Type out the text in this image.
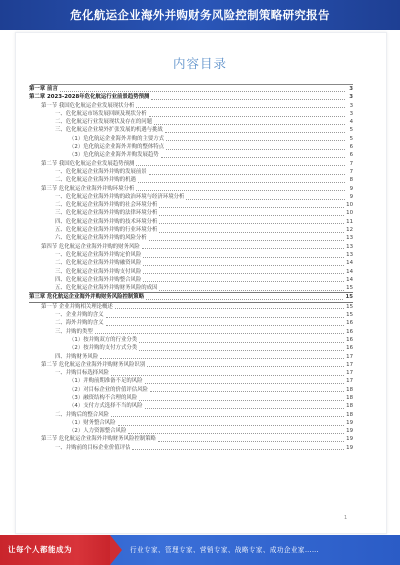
危化航运企业海外并购财务风险控制策略研究报告
内容目录
第一章 前言	3
第二章 2023-2028年危化航运行业前景趋势预测	3
第一节 我国危化航运企业发展现状分析	3
一、危化航运市场发展回顾及现状分析	3
二、危化航运行业发展现状及存在的问题	4
三、危化航运企业境外扩张发展的机遇与挑战	5
（1）危化航运企业海外并购的主要方式	5
（2）危化航运企业海外并购的整体特点	6
（3）危化航运企业海外并购发展趋势	6
第二节 我国危化航运企业发展趋势预测	7
一、危化航运企业海外并购的发展前景	7
二、危化航运企业海外并购的机遇	8
第三节 危化航运企业海外并购环境分析	9
一、危化航运企业海外并购的政治环境与经济环境分析	9
二、危化航运企业海外并购的社会环境分析	10
三、危化航运企业海外并购的法律环境分析	10
四、危化航运企业海外并购的技术环境分析	11
五、危化航运企业海外并购的行业环境分析	12
六、危化航运企业海外并购的风险分析	13
第四节 危化航运企业海外并购的财务风险	13
一、危化航运企业海外并购定价风险	13
二、危化航运企业海外并购融资风险	14
三、危化航运企业海外并购支付风险	14
四、危化航运企业海外并购整合风险	14
五、危化航运企业海外并购财务风险的成因	15
第三章 危化航运企业海外并购财务风险控制策略	15
第一节 企业并购相关理论概述	15
一、企业并购的含义	15
二、海外并购的含义	16
三、并购的类型	16
（1）按并购双方的行业分类	16
（2）按并购的支付方式分类	16
四、并购财务风险	17
第二节 危化航运企业海外并购财务风险识别	17
一、并购目标选择风险	17
（1）并购前期准备不足的风险	17
（2）对目标企业的价值评估风险	18
（3）融资结构不合理的风险	18
（4）支付方式选择不当的风险	18
二、并购后的整合风险	18
（1）财务整合风险	19
（2）人力资源整合风险	19
第三节 危化航运企业海外并购财务风险控制策略	19
一、并购前的目标企业价值评估	19
1
让每个人都能成为	行业专家、管理专家、营销专家、战略专家、成功企业家……
